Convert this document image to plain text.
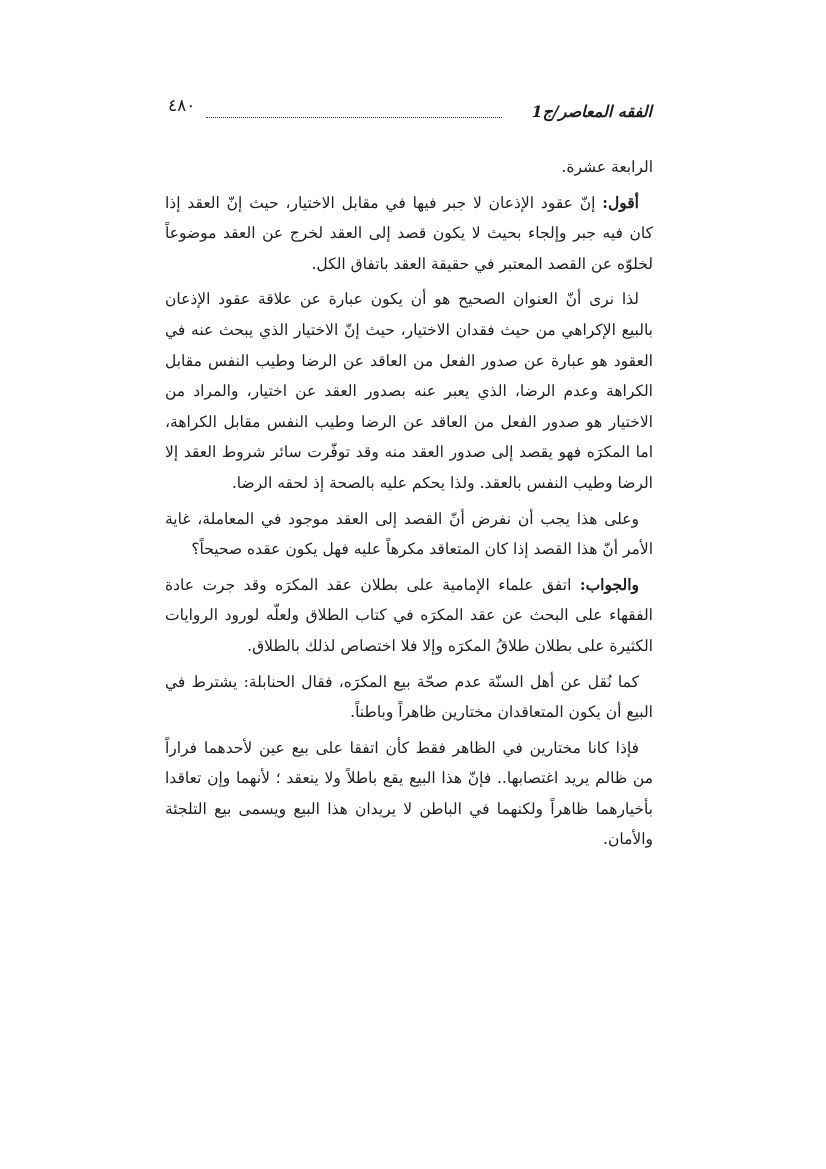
الفقه المعاصر/ج1
٤٨٠

الرابعة عشرة.

أقول: إنّ عقود الإذعان لا جبر فيها في مقابل الاختيار، حيث إنّ العقد إذا كان فيه جبر وإلجاء بحيث لا يكون قصد إلى العقد لخرج عن العقد موضوعاً لخلوّه عن القصد المعتبر في حقيقة العقد باتفاق الكل.

لذا نرى أنّ العنوان الصحيح هو أن يكون عبارة عن علاقة عقود الإذعان بالبيع الإكراهي من حيث فقدان الاختيار، حيث إنّ الاختيار الذي يبحث عنه في العقود هو عبارة عن صدور الفعل من العاقد عن الرضا وطيب النفس مقابل الكراهة وعدم الرضا، الذي يعبر عنه بصدور العقد عن اختيار، والمراد من الاختيار هو صدور الفعل من العاقد عن الرضا وطيب النفس مقابل الكراهة، اما المكرَه فهو يقصد إلى صدور العقد منه وقد توفّرت سائر شروط العقد إلا الرضا وطيب النفس بالعقد. ولذا يحكم عليه بالصحة إذ لحقه الرضا.

وعلى هذا يجب أن نفرض أنّ القصد إلى العقد موجود في المعاملة، غاية الأمر أنّ هذا القصد إذا كان المتعاقد مكرهاً عليه فهل يكون عقده صحيحاً؟

والجواب: اتفق علماء الإمامية على بطلان عقد المكرَه وقد جرت عادة الفقهاء على البحث عن عقد المكرَه في كتاب الطلاق ولعلّه لورود الروايات الكثيرة على بطلان طلاقُ المكرَه وإلا فلا اختصاص لذلك بالطلاق.

كما نُقل عن أهل السنّة عدم صحّة بيع المكرَه، فقال الحنابلة: يشترط في البيع أن يكون المتعاقدان مختارين ظاهراً وباطناً.

فإذا كانا مختارين في الظاهر فقط كأن اتفقا على بيع عين لأحدهما فراراً من ظالم يريد اغتصابها.. فإنّ هذا البيع يقع باطلاً ولا ينعقد ؛ لأنهما وإن تعاقدا بأخيارهما ظاهراً ولكنهما في الباطن لا يريدان هذا البيع ويسمى بيع التلجئة والأمان.
